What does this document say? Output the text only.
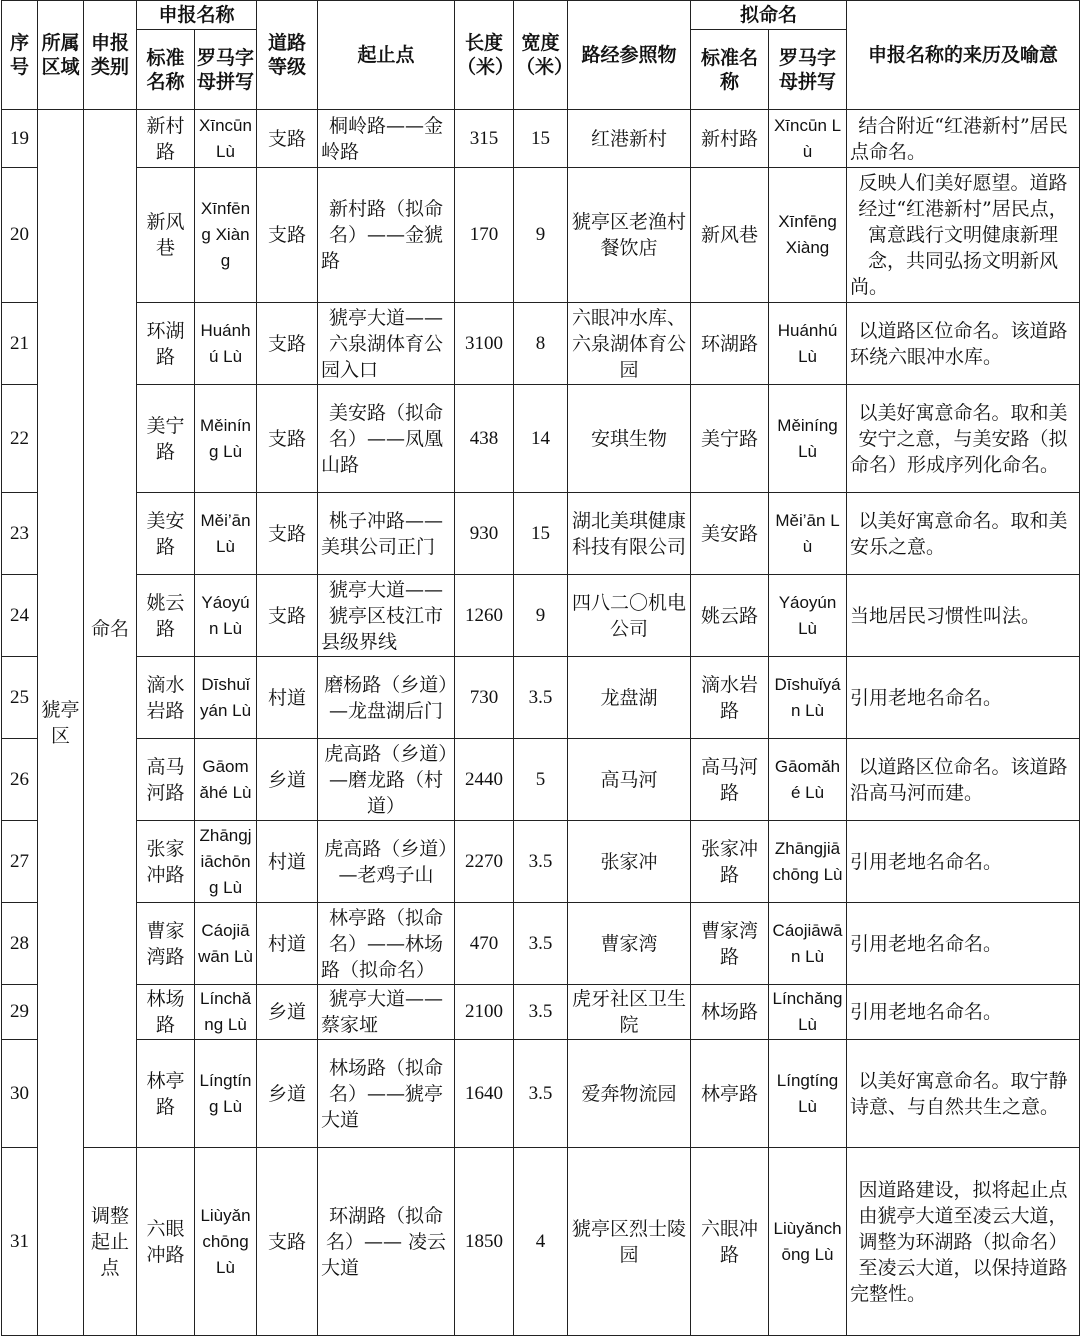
序号	所属区域	申报类别	申报名称		道路等级	起止点	长度（米）	宽度（米）	路经参照物	拟命名		申报名称的来历及喻意
			标准名称	罗马字母拼写						标准名称	罗马字母拼写	
19	猇亭区	命名	新村路	Xīncūn Lù	支路	桐岭路——金岭路	315	15	红港新村	新村路	Xīncūn Lù	结合附近“红港新村”居民点命名。
20			新风巷	Xīnfēng Xiàng	支路	新村路（拟命名）——金猇路	170	9	猇亭区老渔村餐饮店	新风巷	Xīnfēng Xiàng	反映人们美好愿望。道路经过“红港新村”居民点，寓意践行文明健康新理念，共同弘扬文明新风尚。
21			环湖路	Huánhú Lù	支路	猇亭大道——六泉湖体育公园入口	3100	8	六眼冲水库、六泉湖体育公园	环湖路	Huánhú Lù	以道路区位命名。该道路环绕六眼冲水库。
22			美宁路	Měiníng Lù	支路	美安路（拟命名）——凤凰山路	438	14	安琪生物	美宁路	Měiníng Lù	以美好寓意命名。取和美安宁之意，与美安路（拟命名）形成序列化命名。
23			美安路	Měi’ān Lù	支路	桃子冲路——美琪公司正门	930	15	湖北美琪健康科技有限公司	美安路	Měi’ān Lù	以美好寓意命名。取和美安乐之意。
24			姚云路	Yáoyún Lù	支路	猇亭大道——猇亭区枝江市县级界线	1260	9	四八二〇机电公司	姚云路	Yáoyún Lù	当地居民习惯性叫法。
25			滴水岩路	Dīshuǐyán Lù	村道	磨杨路（乡道）—龙盘湖后门	730	3.5	龙盘湖	滴水岩路	Dīshuǐyán Lù	引用老地名命名。
26			高马河路	Gāomǎhé Lù	乡道	虎高路（乡道）—磨龙路（村道）	2440	5	高马河	高马河路	Gāomǎhé Lù	以道路区位命名。该道路沿高马河而建。
27			张家冲路	Zhāngjiāchōng Lù	村道	虎高路（乡道）—老鸡子山	2270	3.5	张家冲	张家冲路	Zhāngjiāchōng Lù	引用老地名命名。
28			曹家湾路	Cáojiāwān Lù	村道	林亭路（拟命名）——林场路（拟命名）	470	3.5	曹家湾	曹家湾路	Cáojiāwān Lù	引用老地名命名。
29			林场路	Línchǎng Lù	乡道	猇亭大道——蔡家垭	2100	3.5	虎牙社区卫生院	林场路	Línchǎng Lù	引用老地名命名。
30			林亭路	Língtíng Lù	乡道	林场路（拟命名）——猇亭大道	1640	3.5	爱奔物流园	林亭路	Língtíng Lù	以美好寓意命名。取宁静诗意、与自然共生之意。
31		调整起止点	六眼冲路	Liùyǎnchōng Lù	支路	环湖路（拟命名）—— 凌云大道	1850	4	猇亭区烈士陵园	六眼冲路	Liùyǎnchōng Lù	因道路建设，拟将起止点由猇亭大道至凌云大道，调整为环湖路（拟命名）至凌云大道，以保持道路完整性。
